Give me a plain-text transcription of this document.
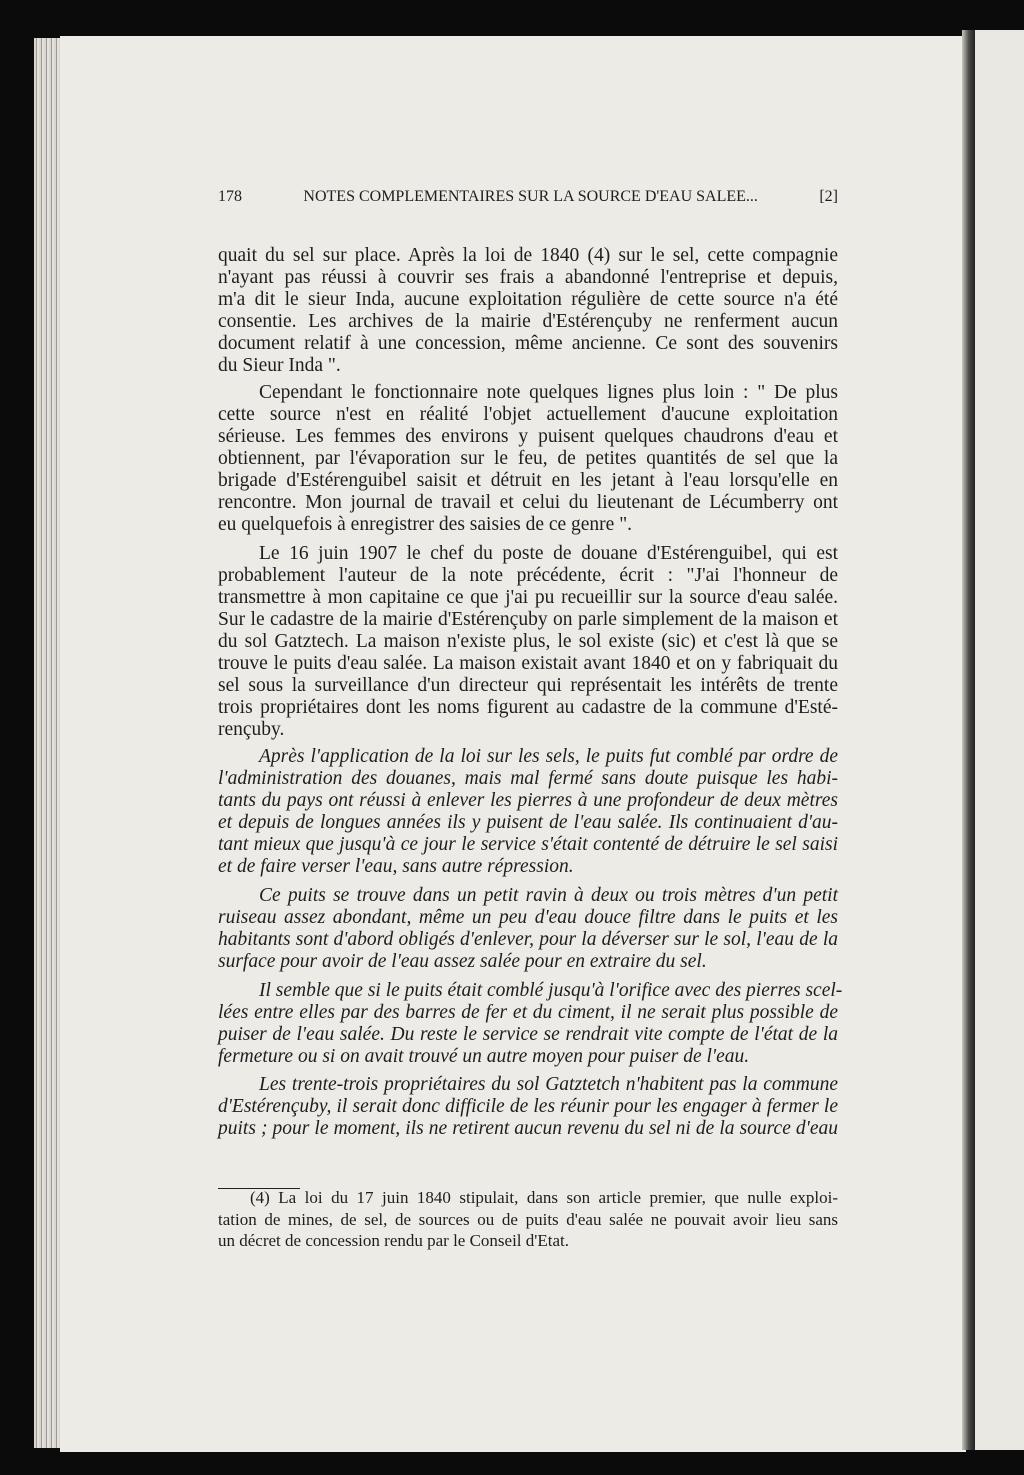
178	NOTES COMPLEMENTAIRES SUR LA SOURCE D'EAU SALEE...	[2]
quait du sel sur place. Après la loi de 1840 (4) sur le sel, cette compagnie
n'ayant pas réussi à couvrir ses frais a abandonné l'entreprise et depuis,
m'a dit le sieur Inda, aucune exploitation régulière de cette source n'a été
consentie. Les archives de la mairie d'Estérençuby ne renferment aucun
document relatif à une concession, même ancienne. Ce sont des souvenirs
du Sieur Inda ".
Cependant le fonctionnaire note quelques lignes plus loin : " De plus
cette source n'est en réalité l'objet actuellement d'aucune exploitation
sérieuse. Les femmes des environs y puisent quelques chaudrons d'eau et
obtiennent, par l'évaporation sur le feu, de petites quantités de sel que la
brigade d'Estérenguibel saisit et détruit en les jetant à l'eau lorsqu'elle en
rencontre. Mon journal de travail et celui du lieutenant de Lécumberry ont
eu quelquefois à enregistrer des saisies de ce genre ".
Le 16 juin 1907 le chef du poste de douane d'Estérenguibel, qui est
probablement l'auteur de la note précédente, écrit : "J'ai l'honneur de
transmettre à mon capitaine ce que j'ai pu recueillir sur la source d'eau salée.
Sur le cadastre de la mairie d'Estérençuby on parle simplement de la maison et
du sol Gatztech. La maison n'existe plus, le sol existe (sic) et c'est là que se
trouve le puits d'eau salée. La maison existait avant 1840 et on y fabriquait du
sel sous la surveillance d'un directeur qui représentait les intérêts de trente
trois propriétaires dont les noms figurent au cadastre de la commune d'Esté-
rençuby.
Après l'application de la loi sur les sels, le puits fut comblé par ordre de
l'administration des douanes, mais mal fermé sans doute puisque les habi-
tants du pays ont réussi à enlever les pierres à une profondeur de deux mètres
et depuis de longues années ils y puisent de l'eau salée. Ils continuaient d'au-
tant mieux que jusqu'à ce jour le service s'était contenté de détruire le sel saisi
et de faire verser l'eau, sans autre répression.
Ce puits se trouve dans un petit ravin à deux ou trois mètres d'un petit
ruiseau assez abondant, même un peu d'eau douce filtre dans le puits et les
habitants sont d'abord obligés d'enlever, pour la déverser sur le sol, l'eau de la
surface pour avoir de l'eau assez salée pour en extraire du sel.
Il semble que si le puits était comblé jusqu'à l'orifice avec des pierres scel-
lées entre elles par des barres de fer et du ciment, il ne serait plus possible de
puiser de l'eau salée. Du reste le service se rendrait vite compte de l'état de la
fermeture ou si on avait trouvé un autre moyen pour puiser de l'eau.
Les trente-trois propriétaires du sol Gatztetch n'habitent pas la commune
d'Estérençuby, il serait donc difficile de les réunir pour les engager à fermer le
puits ; pour le moment, ils ne retirent aucun revenu du sel ni de la source d'eau
(4) La loi du 17 juin 1840 stipulait, dans son article premier, que nulle exploi-
tation de mines, de sel, de sources ou de puits d'eau salée ne pouvait avoir lieu sans
un décret de concession rendu par le Conseil d'Etat.
